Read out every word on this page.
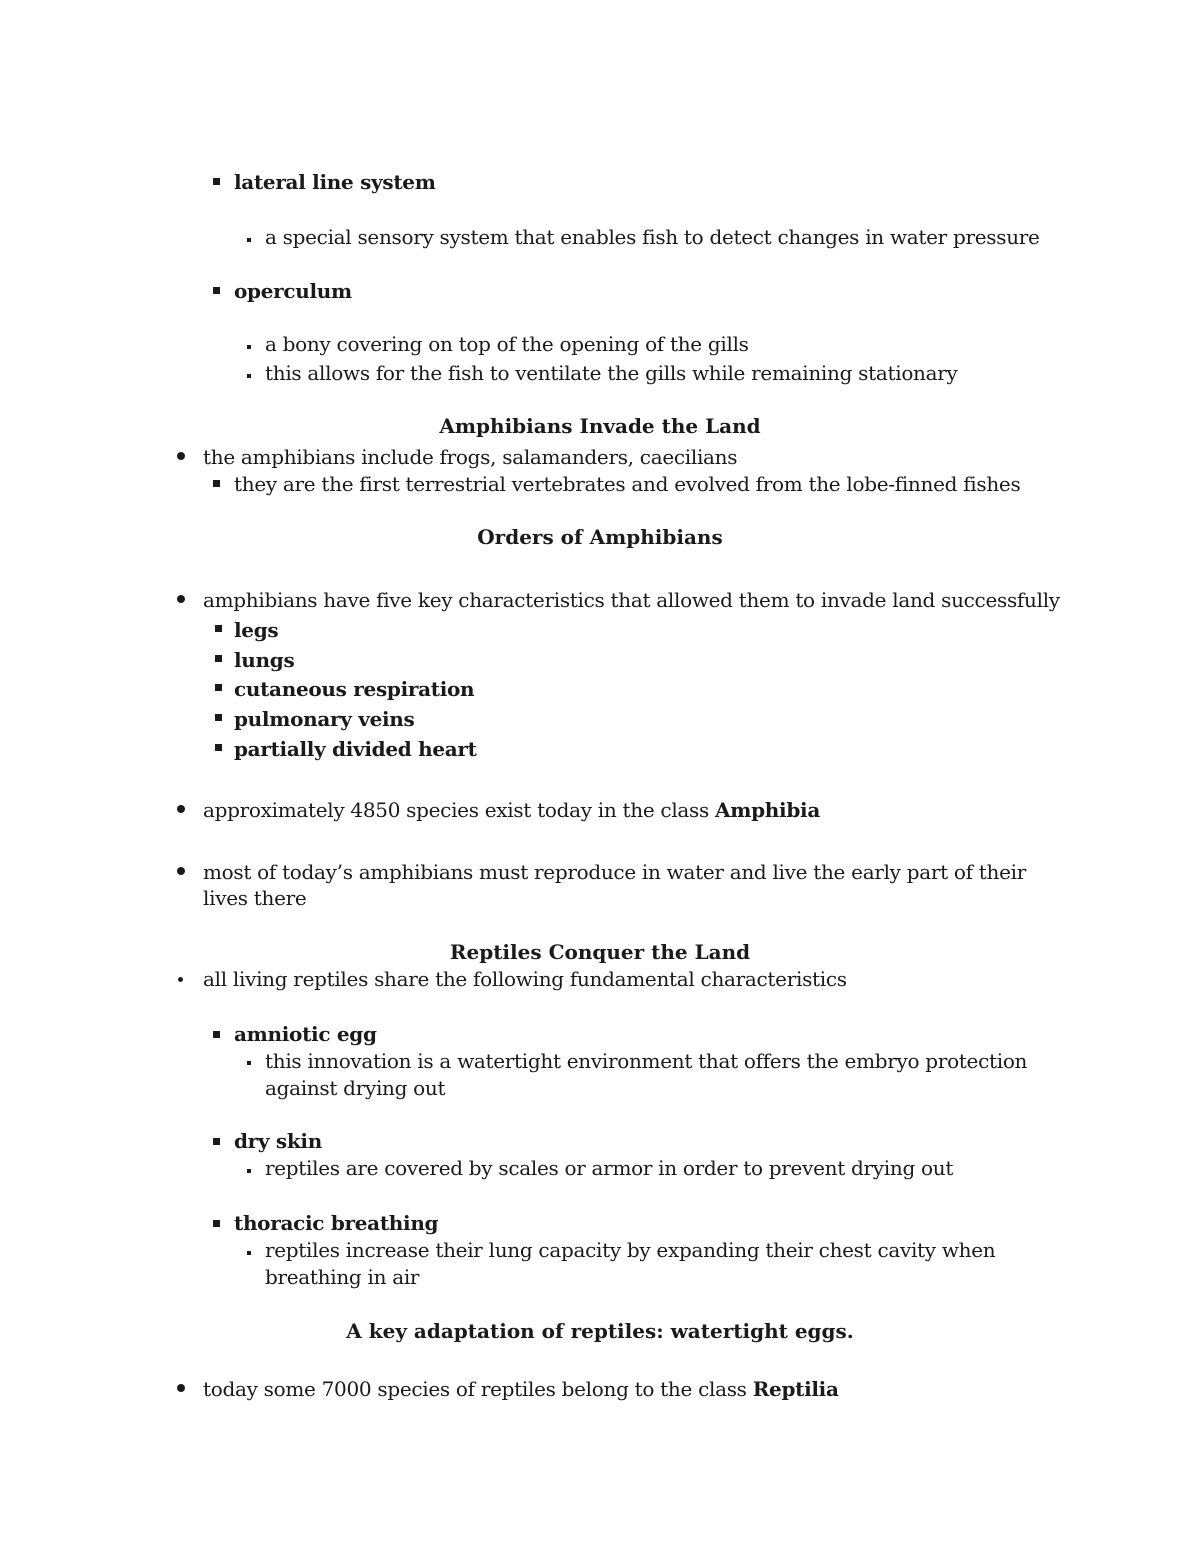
lateral line system
a special sensory system that enables fish to detect changes in water pressure
operculum
a bony covering on top of the opening of the gills
this allows for the fish to ventilate the gills while remaining stationary
Amphibians Invade the Land
the amphibians include frogs, salamanders, caecilians
they are the first terrestrial vertebrates and evolved from the lobe-finned fishes
Orders of Amphibians
amphibians have five key characteristics that allowed them to invade land successfully
legs
lungs
cutaneous respiration
pulmonary veins
partially divided heart
approximately 4850 species exist today in the class Amphibia
most of today’s amphibians must reproduce in water and live the early part of their
lives there
Reptiles Conquer the Land
all living reptiles share the following fundamental characteristics
amniotic egg
this innovation is a watertight environment that offers the embryo protection
against drying out
dry skin
reptiles are covered by scales or armor in order to prevent drying out
thoracic breathing
reptiles increase their lung capacity by expanding their chest cavity when
breathing in air
A key adaptation of reptiles: watertight eggs.
today some 7000 species of reptiles belong to the class Reptilia
